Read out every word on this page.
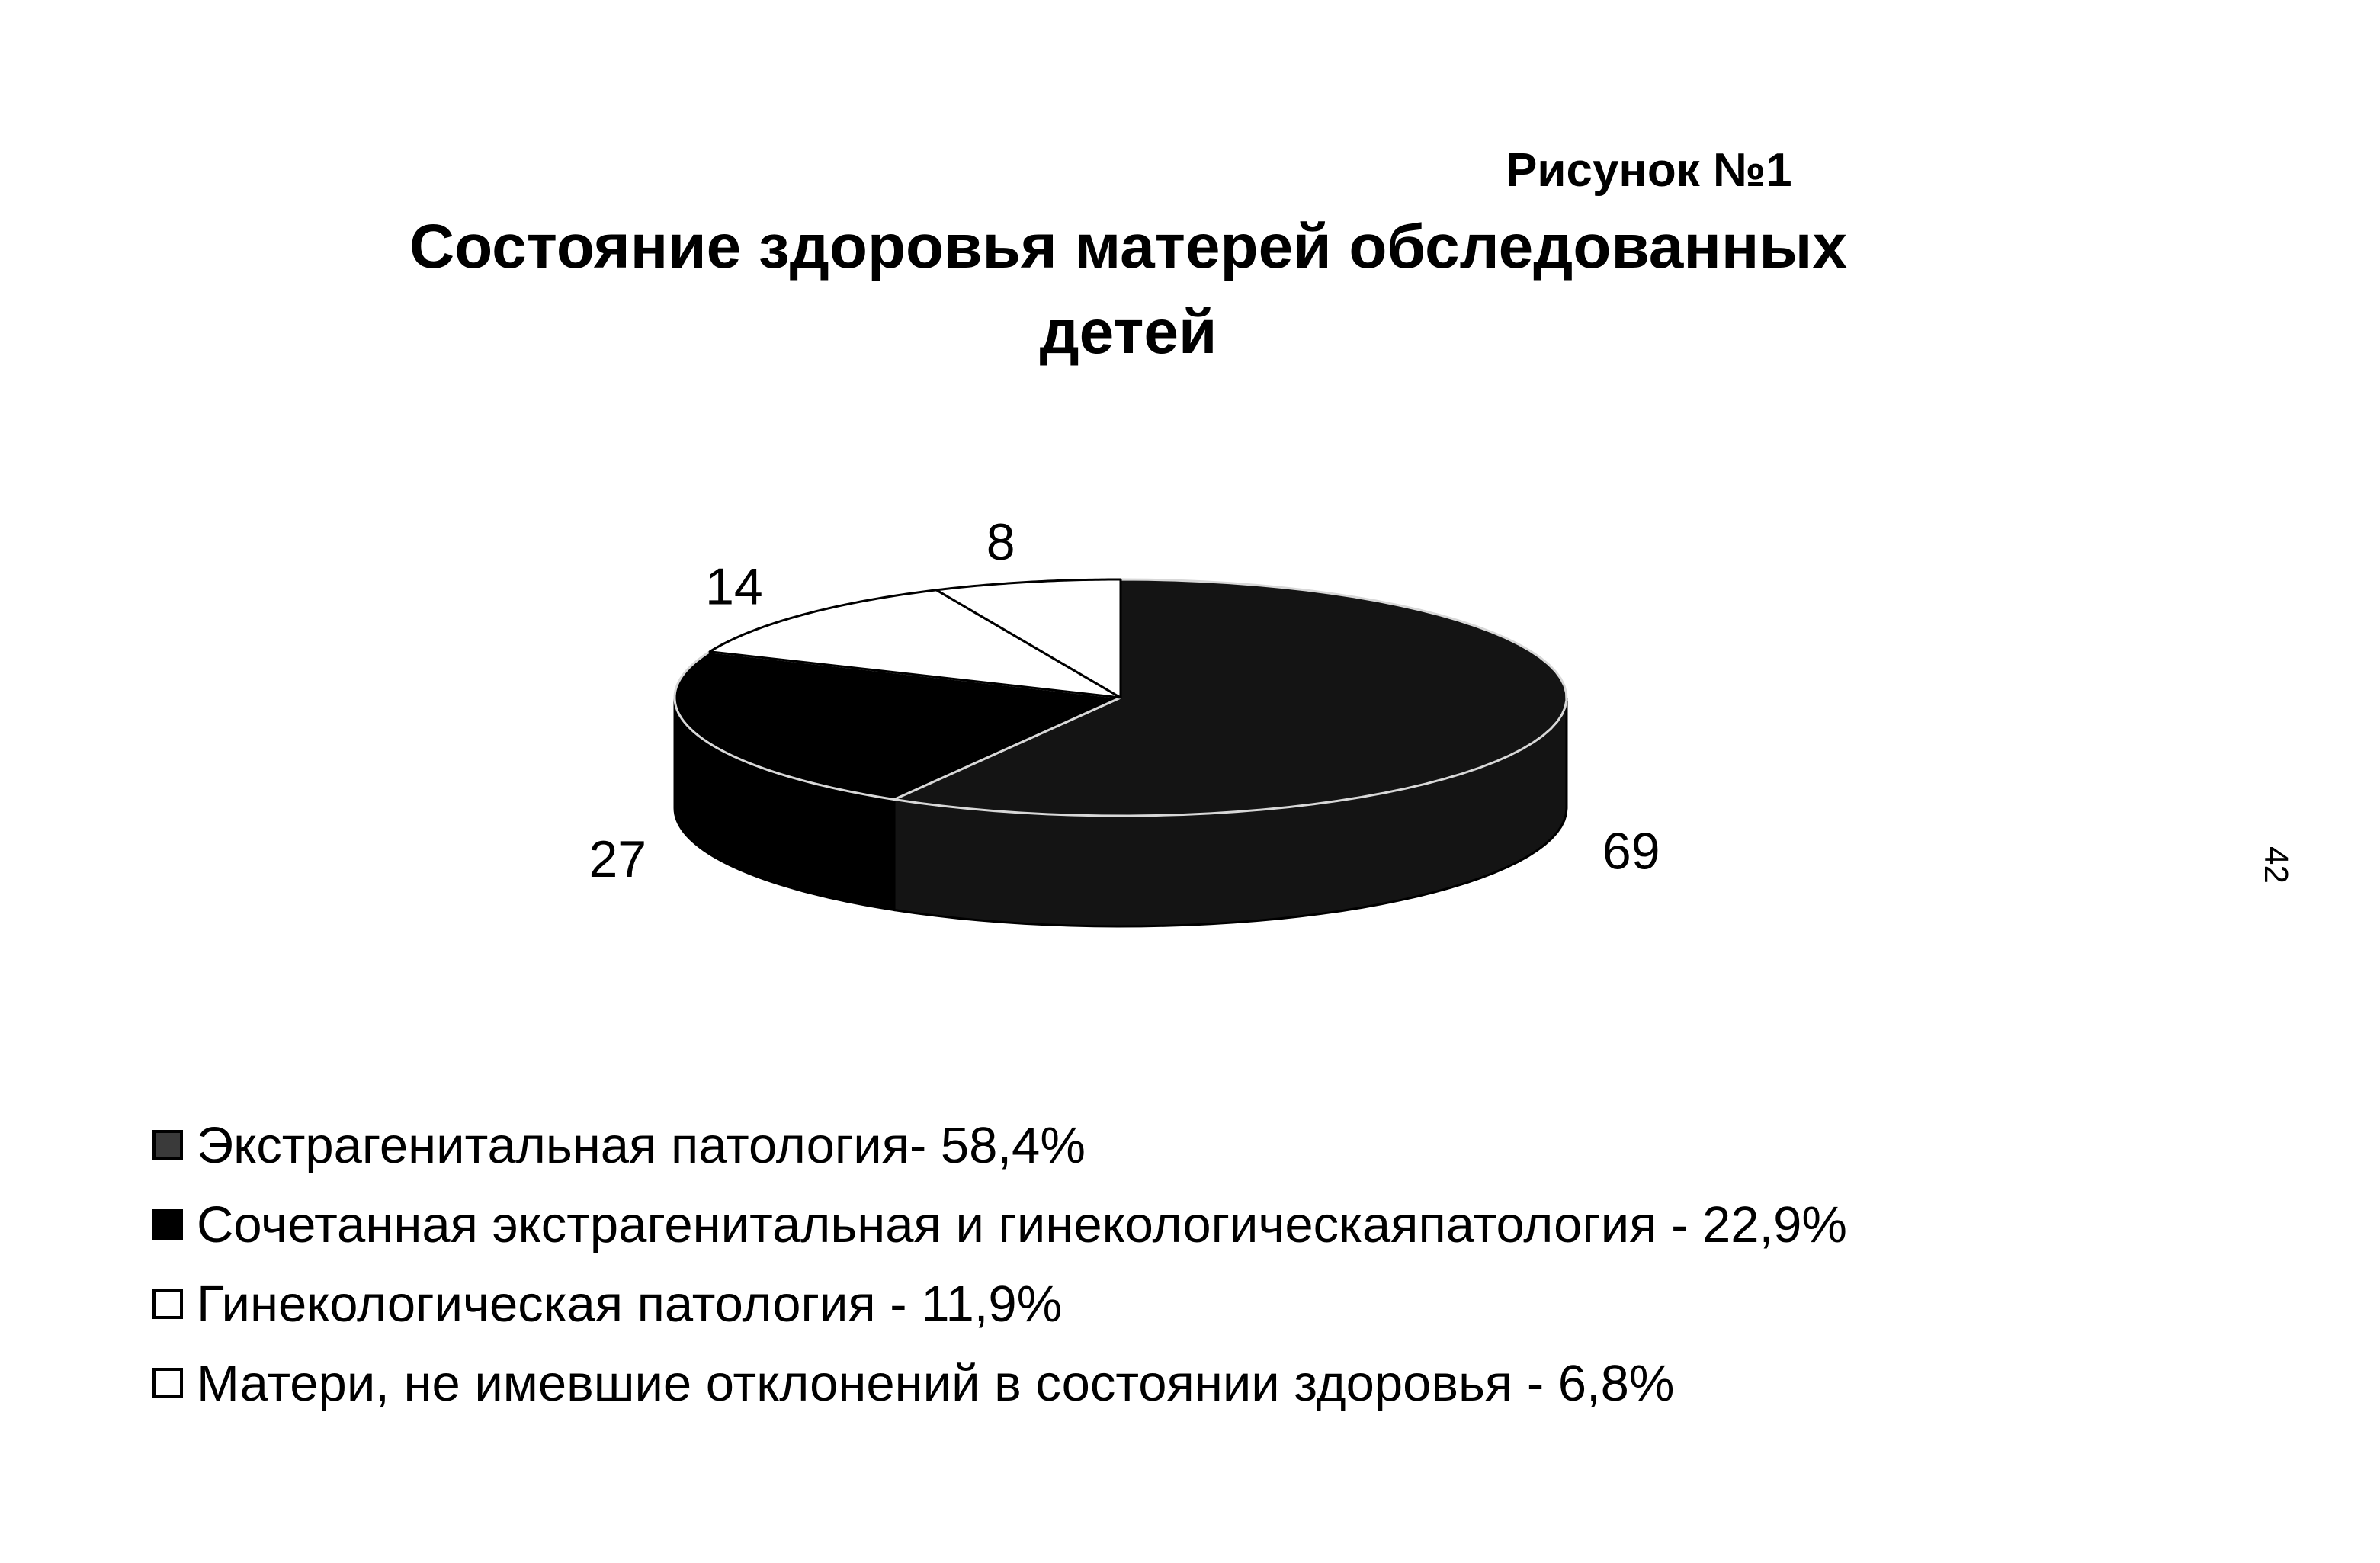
Рисунок №1
Состояние здоровья матерей обследованных
детей
69
27
14
8
Экстрагенитальная патология- 58,4%
Сочетанная экстрагенитальная и гинекологическаяпатология - 22,9%
Гинекологическая патология - 11,9%
Матери, не имевшие отклонений в состоянии здоровья - 6,8%
42
